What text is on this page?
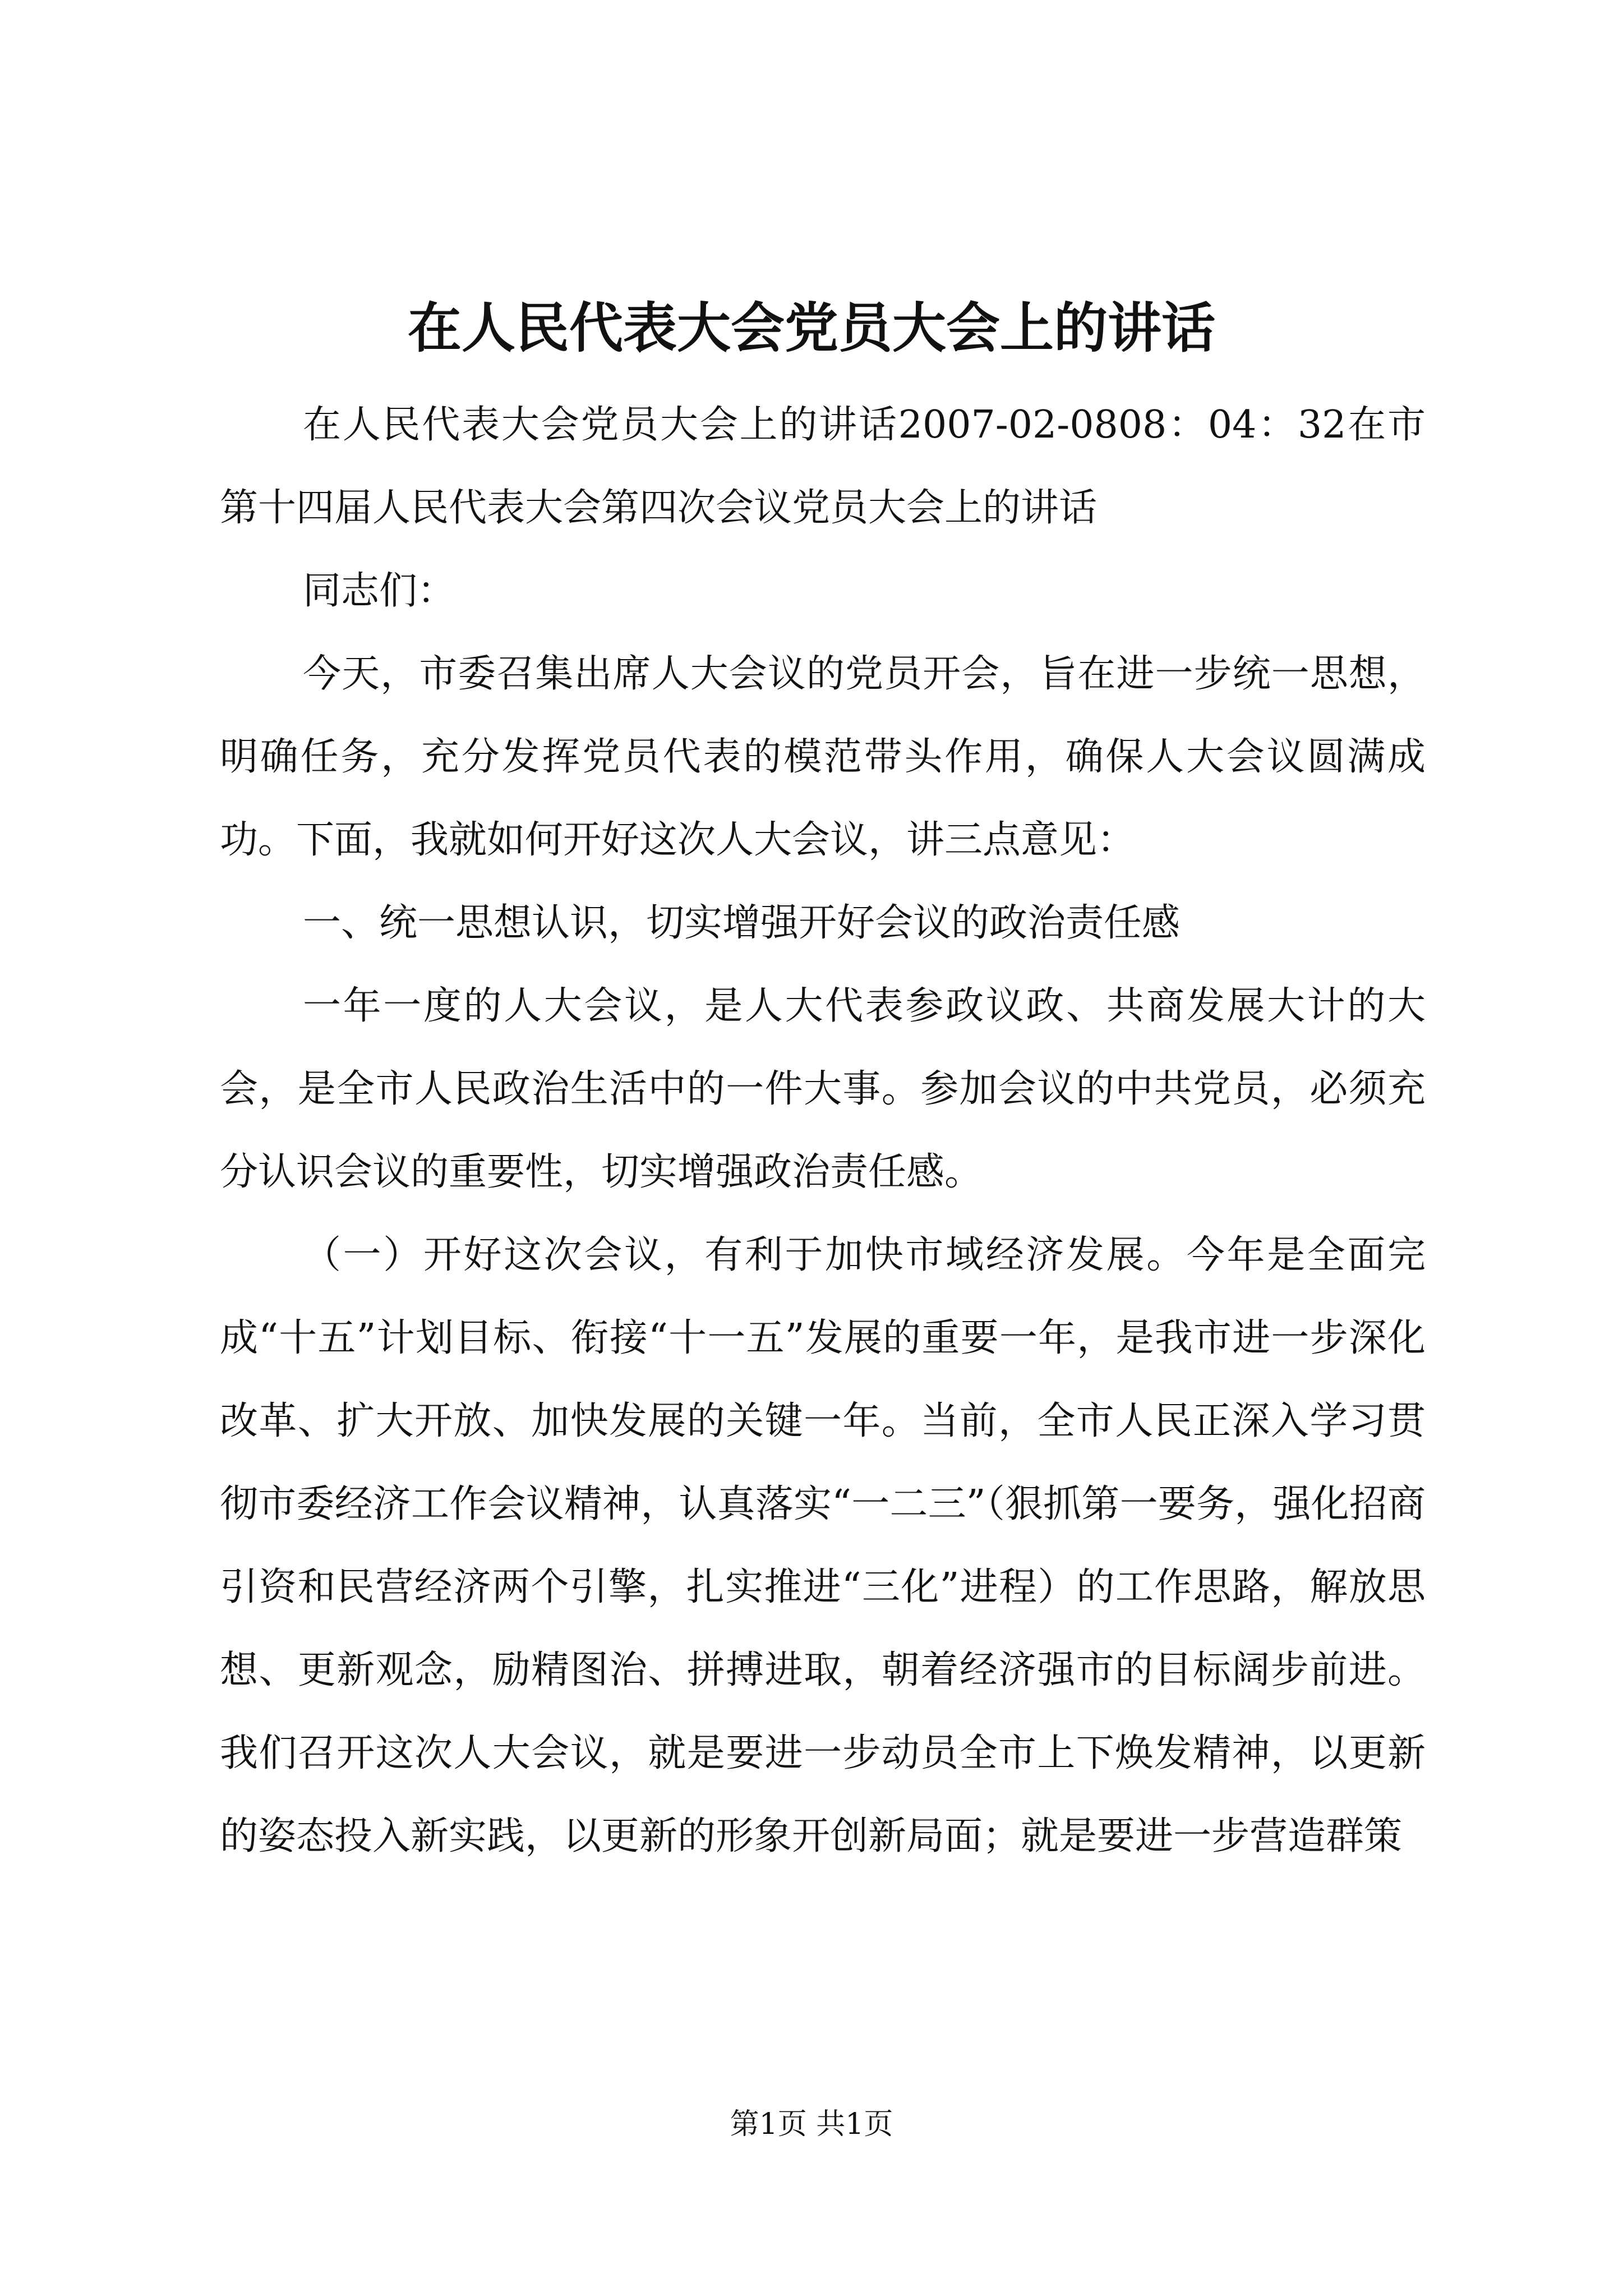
在人民代表大会党员大会上的讲话

在人民代表大会党员大会上的讲话2007-02-0808：04：32在市第十四届人民代表大会第四次会议党员大会上的讲话

同志们：

今天，市委召集出席人大会议的党员开会，旨在进一步统一思想，明确任务，充分发挥党员代表的模范带头作用，确保人大会议圆满成功。下面，我就如何开好这次人大会议，讲三点意见：

一、统一思想认识，切实增强开好会议的政治责任感

一年一度的人大会议，是人大代表参政议政、共商发展大计的大会，是全市人民政治生活中的一件大事。参加会议的中共党员，必须充分认识会议的重要性，切实增强政治责任感。

（一）开好这次会议，有利于加快市域经济发展。今年是全面完成“十五”计划目标、衔接“十一五”发展的重要一年，是我市进一步深化改革、扩大开放、加快发展的关键一年。当前，全市人民正深入学习贯彻市委经济工作会议精神，认真落实“一二三”（狠抓第一要务，强化招商引资和民营经济两个引擎，扎实推进“三化”进程）的工作思路，解放思想、更新观念，励精图治、拼搏进取，朝着经济强市的目标阔步前进。我们召开这次人大会议，就是要进一步动员全市上下焕发精神，以更新的姿态投入新实践，以更新的形象开创新局面；就是要进一步营造群策

第1页 共1页
